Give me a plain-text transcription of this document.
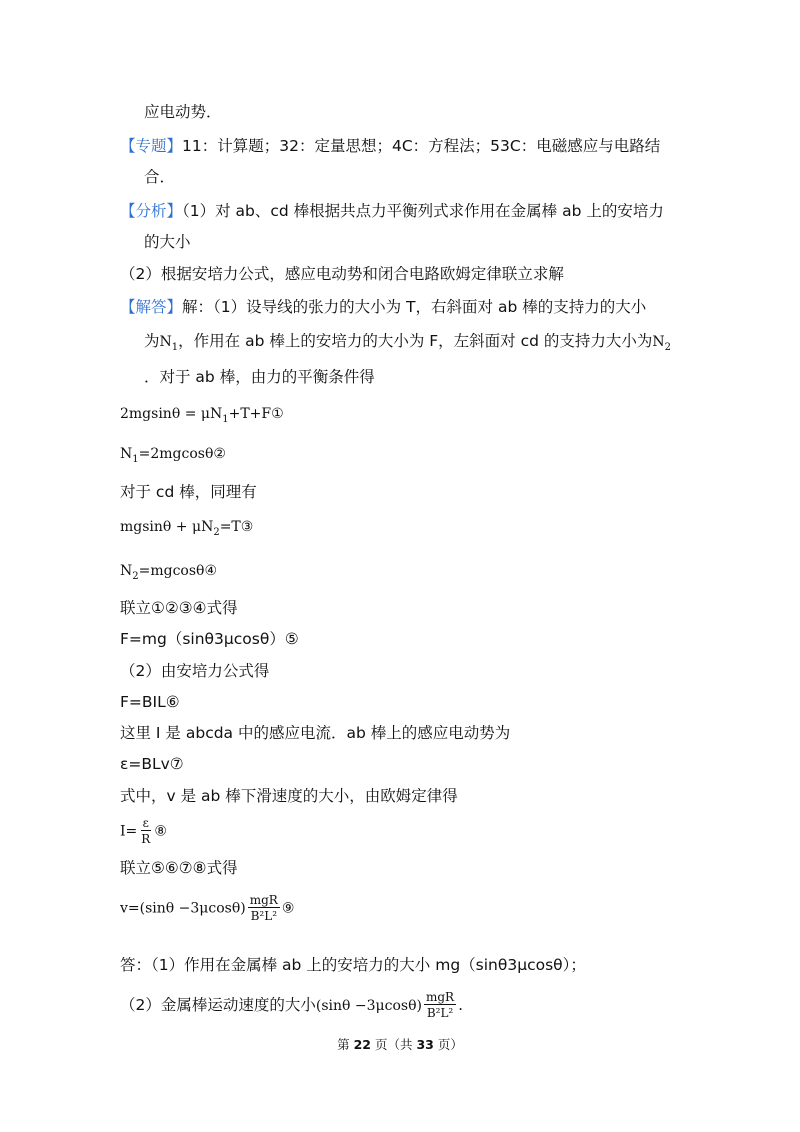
应电动势．
【专题】11：计算题；32：定量思想；4C：方程法；53C：电磁感应与电路结
合．
【分析】（1）对 ab、cd 棒根据共点力平衡列式求作用在金属棒 ab 上的安培力
的大小
（2）根据安培力公式，感应电动势和闭合电路欧姆定律联立求解
【解答】解：（1）设导线的张力的大小为 T，右斜面对 ab 棒的支持力的大小
为$N_1$，作用在 ab 棒上的安培力的大小为 F，左斜面对 cd 的支持力大小为$N_2$
．对于 ab 棒，由力的平衡条件得
$2mgsin\theta = \mu N_1+T+F①$
$N_1=2mgcos\theta ②$
对于 cd 棒，同理有
$mgsin\theta + \mu N_2=T③$
$N_2=mgcos\theta ④$
联立①②③④式得
F=mg（sinθ﻿3μcosθ）⑤
（2）由安培力公式得
F=BIL⑥
这里 I 是 abcda 中的感应电流．ab 棒上的感应电动势为
ε=BLv⑦
式中，v 是 ab 棒下滑速度的大小，由欧姆定律得
$I= \frac{\varepsilon}{R}$ ⑧
联立⑤⑥⑦⑧式得
$v=(\sin\theta -3\mu\cos\theta) \frac{\text{mgR}}{\text{B²L²}}$ ⑨
答：（1）作用在金属棒 ab 上的安培力的大小 mg（sinθ﻿3μcosθ）；
（2）金属棒运动速度的大小$(\sin\theta -3\mu\cos\theta) \frac{\text{mgR}}{\text{B²L²}}$ .
第 22 页（共 33 页）
